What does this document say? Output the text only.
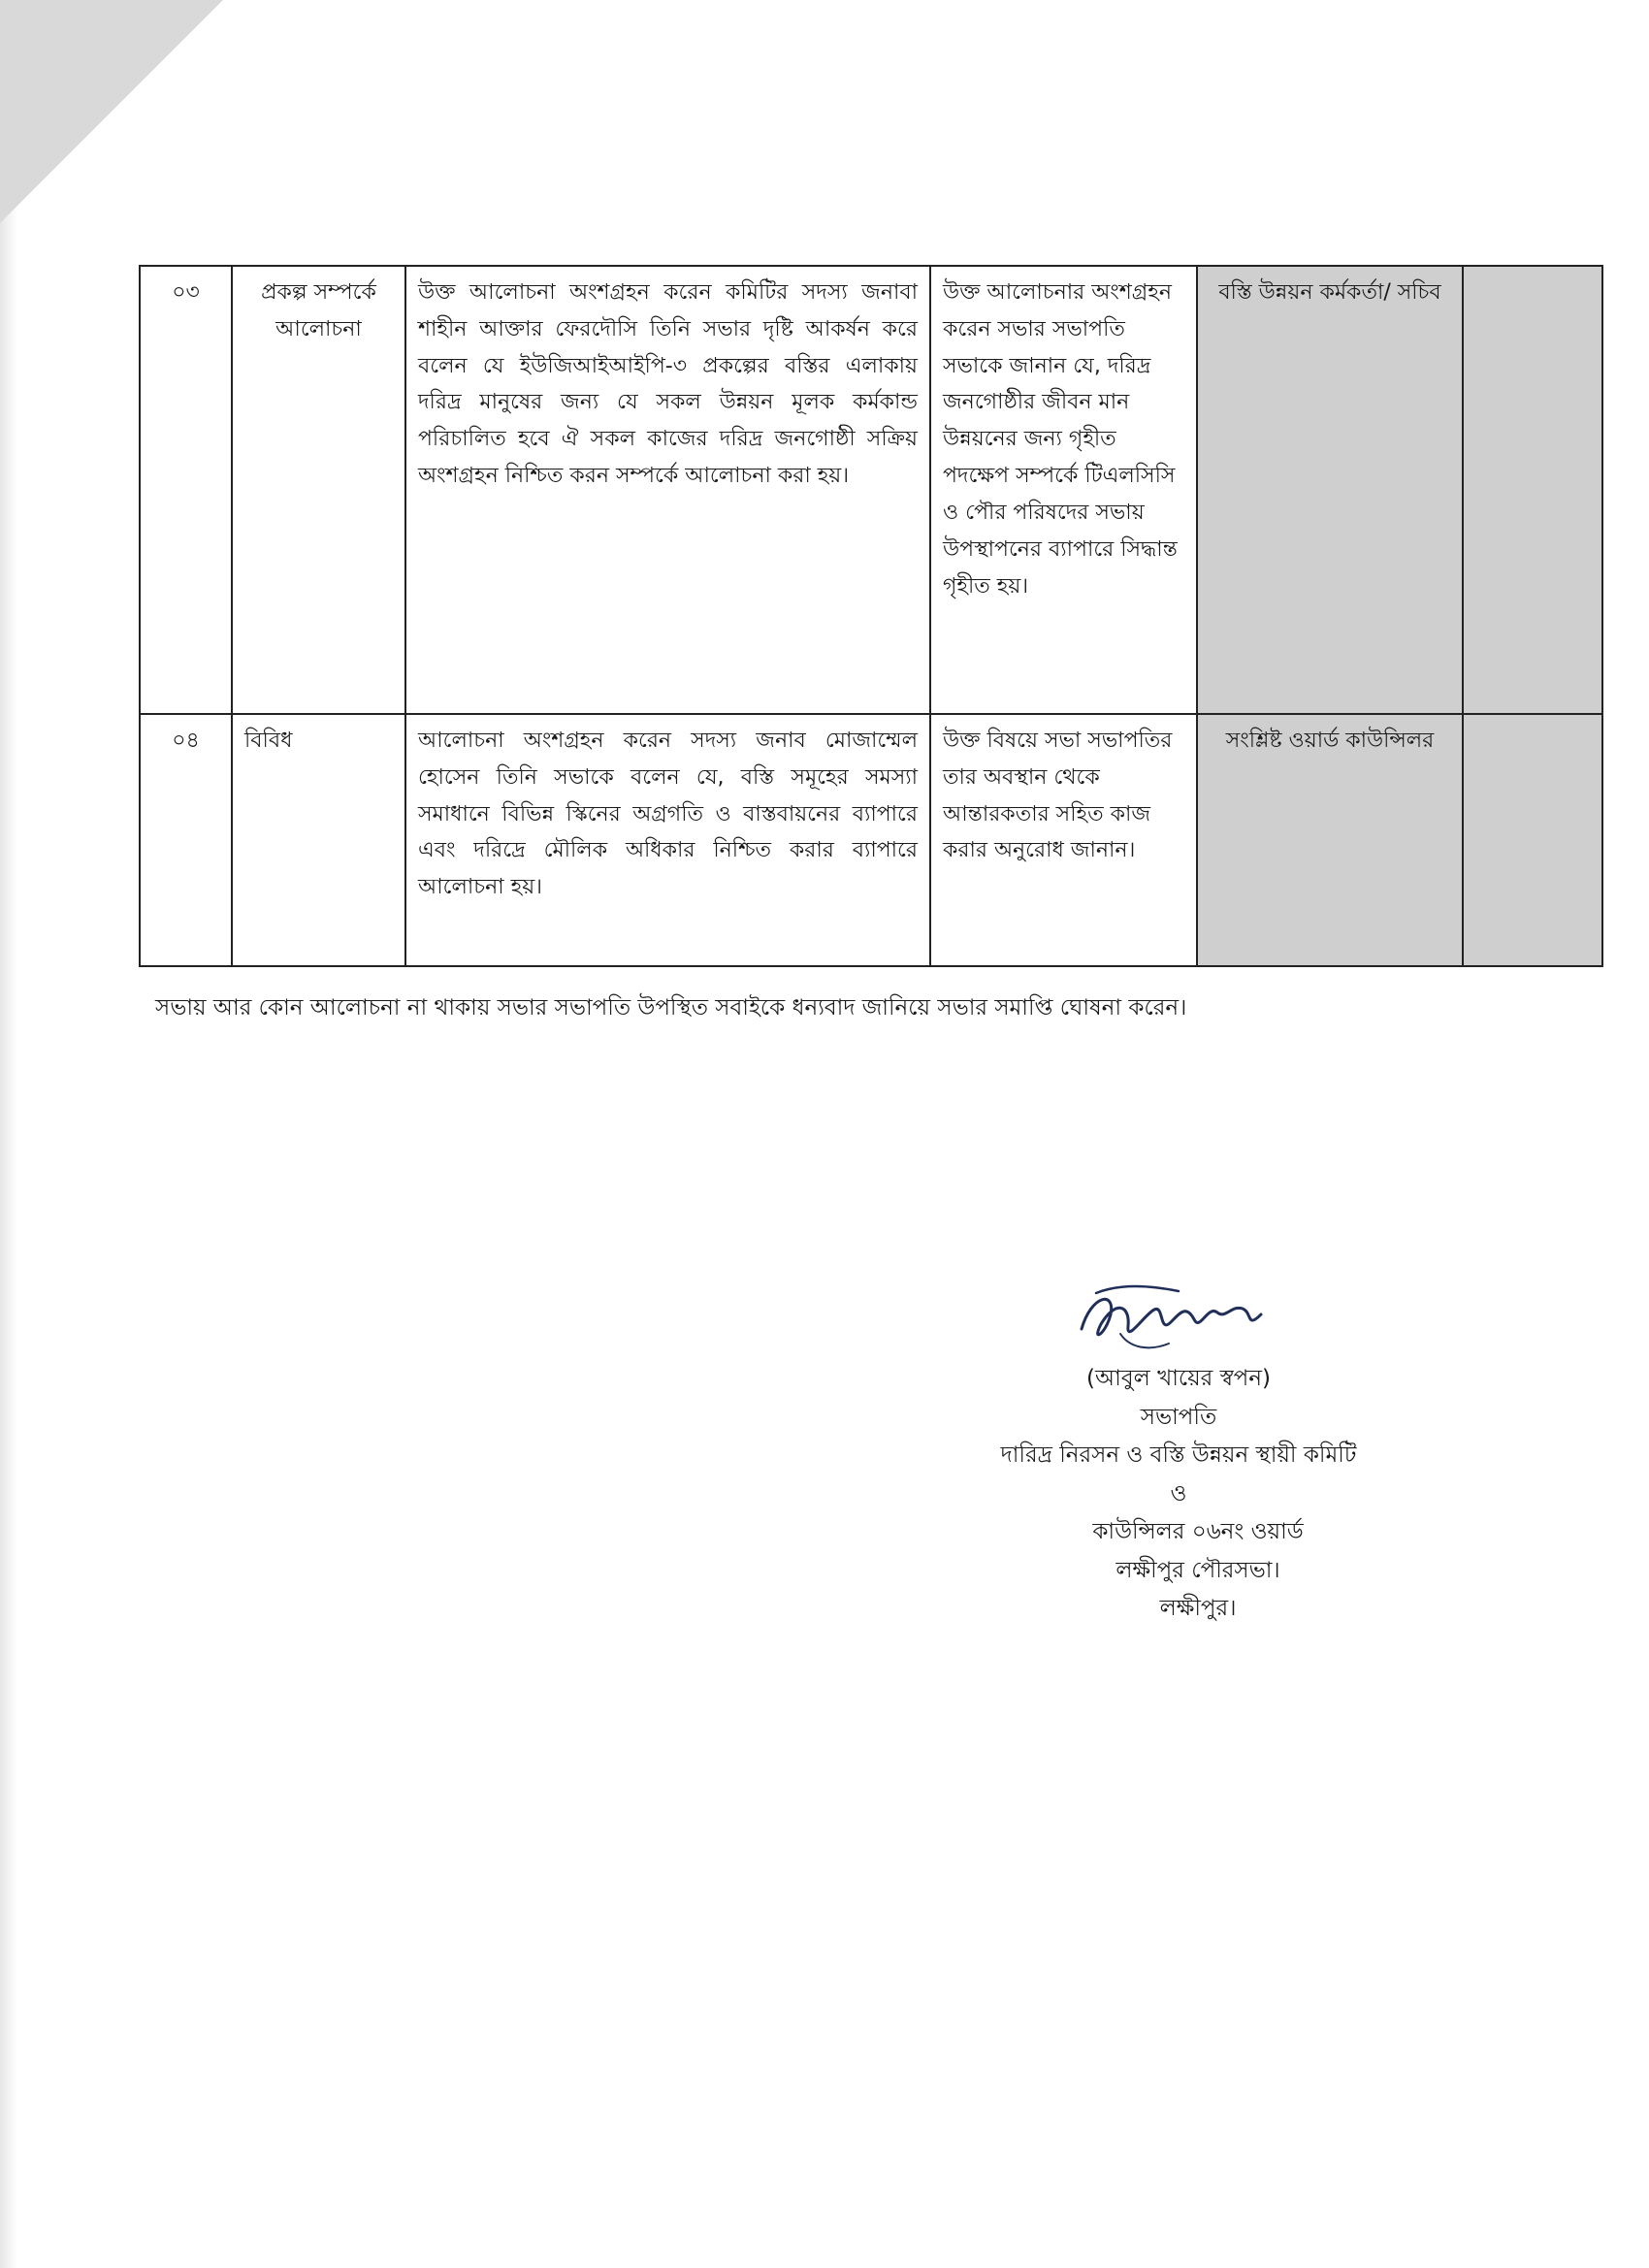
০৩	প্রকল্প সম্পর্কে আলোচনা	উক্ত আলোচনা অংশগ্রহন করেন কমিটির সদস্য জনাবা শাহীন আক্তার ফেরদৌসি তিনি সভার দৃষ্টি আকর্ষন করে বলেন যে ইউজিআইআইপি-৩ প্রকল্পের বস্তির এলাকায় দরিদ্র মানুষের জন্য যে সকল উন্নয়ন মূলক কর্মকান্ড পরিচালিত হবে ঐ সকল কাজের দরিদ্র জনগোষ্ঠী সক্রিয় অংশগ্রহন নিশ্চিত করন সম্পর্কে আলোচনা করা হয়।	উক্ত আলোচনার অংশগ্রহন করেন সভার সভাপতি সভাকে জানান যে, দরিদ্র জনগোষ্ঠীর জীবন মান উন্নয়নের জন্য গৃহীত পদক্ষেপ সম্পর্কে টিএলসিসি ও পৌর পরিষদের সভায় উপস্থাপনের ব্যাপারে সিদ্ধান্ত গৃহীত হয়।	বস্তি উন্নয়ন কর্মকর্তা/ সচিব	
০৪	বিবিধ	আলোচনা অংশগ্রহন করেন সদস্য জনাব মোজাম্মেল হোসেন তিনি সভাকে বলেন যে, বস্তি সমূহের সমস্যা সমাধানে বিভিন্ন স্কিনের অগ্রগতি ও বাস্তবায়নের ব্যাপারে এবং দরিদ্রে মৌলিক অধিকার নিশ্চিত করার ব্যাপারে আলোচনা হয়।	উক্ত বিষয়ে সভা সভাপতির তার অবস্থান থেকে আন্তারকতার সহিত কাজ করার অনুরোধ জানান।	সংশ্লিষ্ট ওয়ার্ড কাউন্সিলর	
সভায় আর কোন আলোচনা না থাকায় সভার সভাপতি উপস্থিত সবাইকে ধন্যবাদ জানিয়ে সভার সমাপ্তি ঘোষনা করেন।
(আবুল খায়ের স্বপন)
সভাপতি
দারিদ্র নিরসন ও বস্তি উন্নয়ন স্থায়ী কমিটি
ও
কাউন্সিলর ০৬নং ওয়ার্ড
লক্ষীপুর পৌরসভা।
লক্ষীপুর।
